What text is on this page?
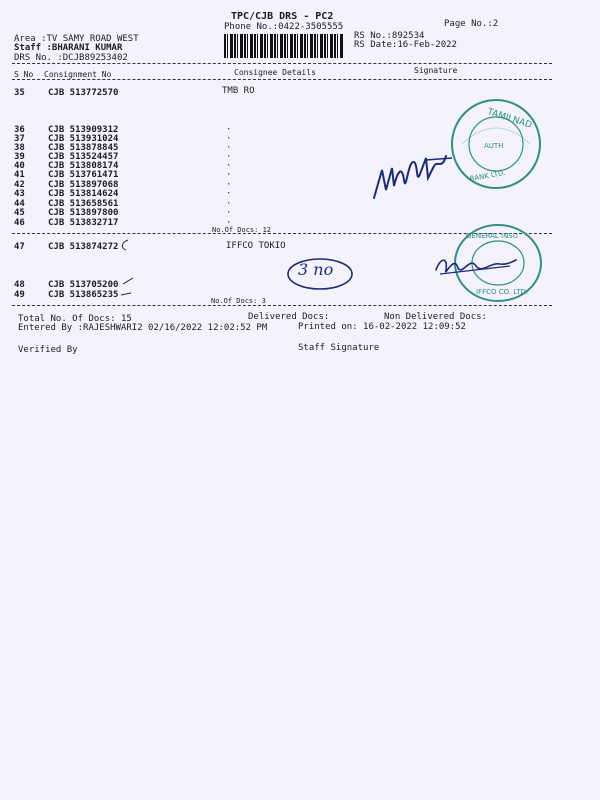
TPC/CJB DRS - PC2
Phone No.:0422-3505555	Page No.:2
Area :TV SAMY ROAD WEST
Staff :BHARANI KUMAR
DRS No. :DCJB89253402
RS No.:892534
RS Date:16-Feb-2022
S No Consignment No	Consignee Details	Signature
35	CJB 513772570	TMB RO
36	CJB 513909312	·
37	CJB 513931024	·
38	CJB 513878845	·
39	CJB 513524457	·
40	CJB 513808174	·
41	CJB 513761471	·
42	CJB 513897068	·
43	CJB 513814624	·
44	CJB 513658561	·
45	CJB 513897800	·
46	CJB 513832717	·
No.Of Docs: 12
47	CJB 513874272	IFFCO TOKIO
48	CJB 513705200
49	CJB 513865235
No.Of Docs: 3
Total No. Of Docs: 15	Delivered Docs:	Non Delivered Docs:
Entered By :RAJESHWARI2 02/16/2022 12:02:52 PM	Printed on: 16-02-2022 12:09:52
Verified By	Staff Signature
TAMILNAD
BANK LTD.
AUTH
GENERAL INSU
IFFCO CO. LTD.
3 no
